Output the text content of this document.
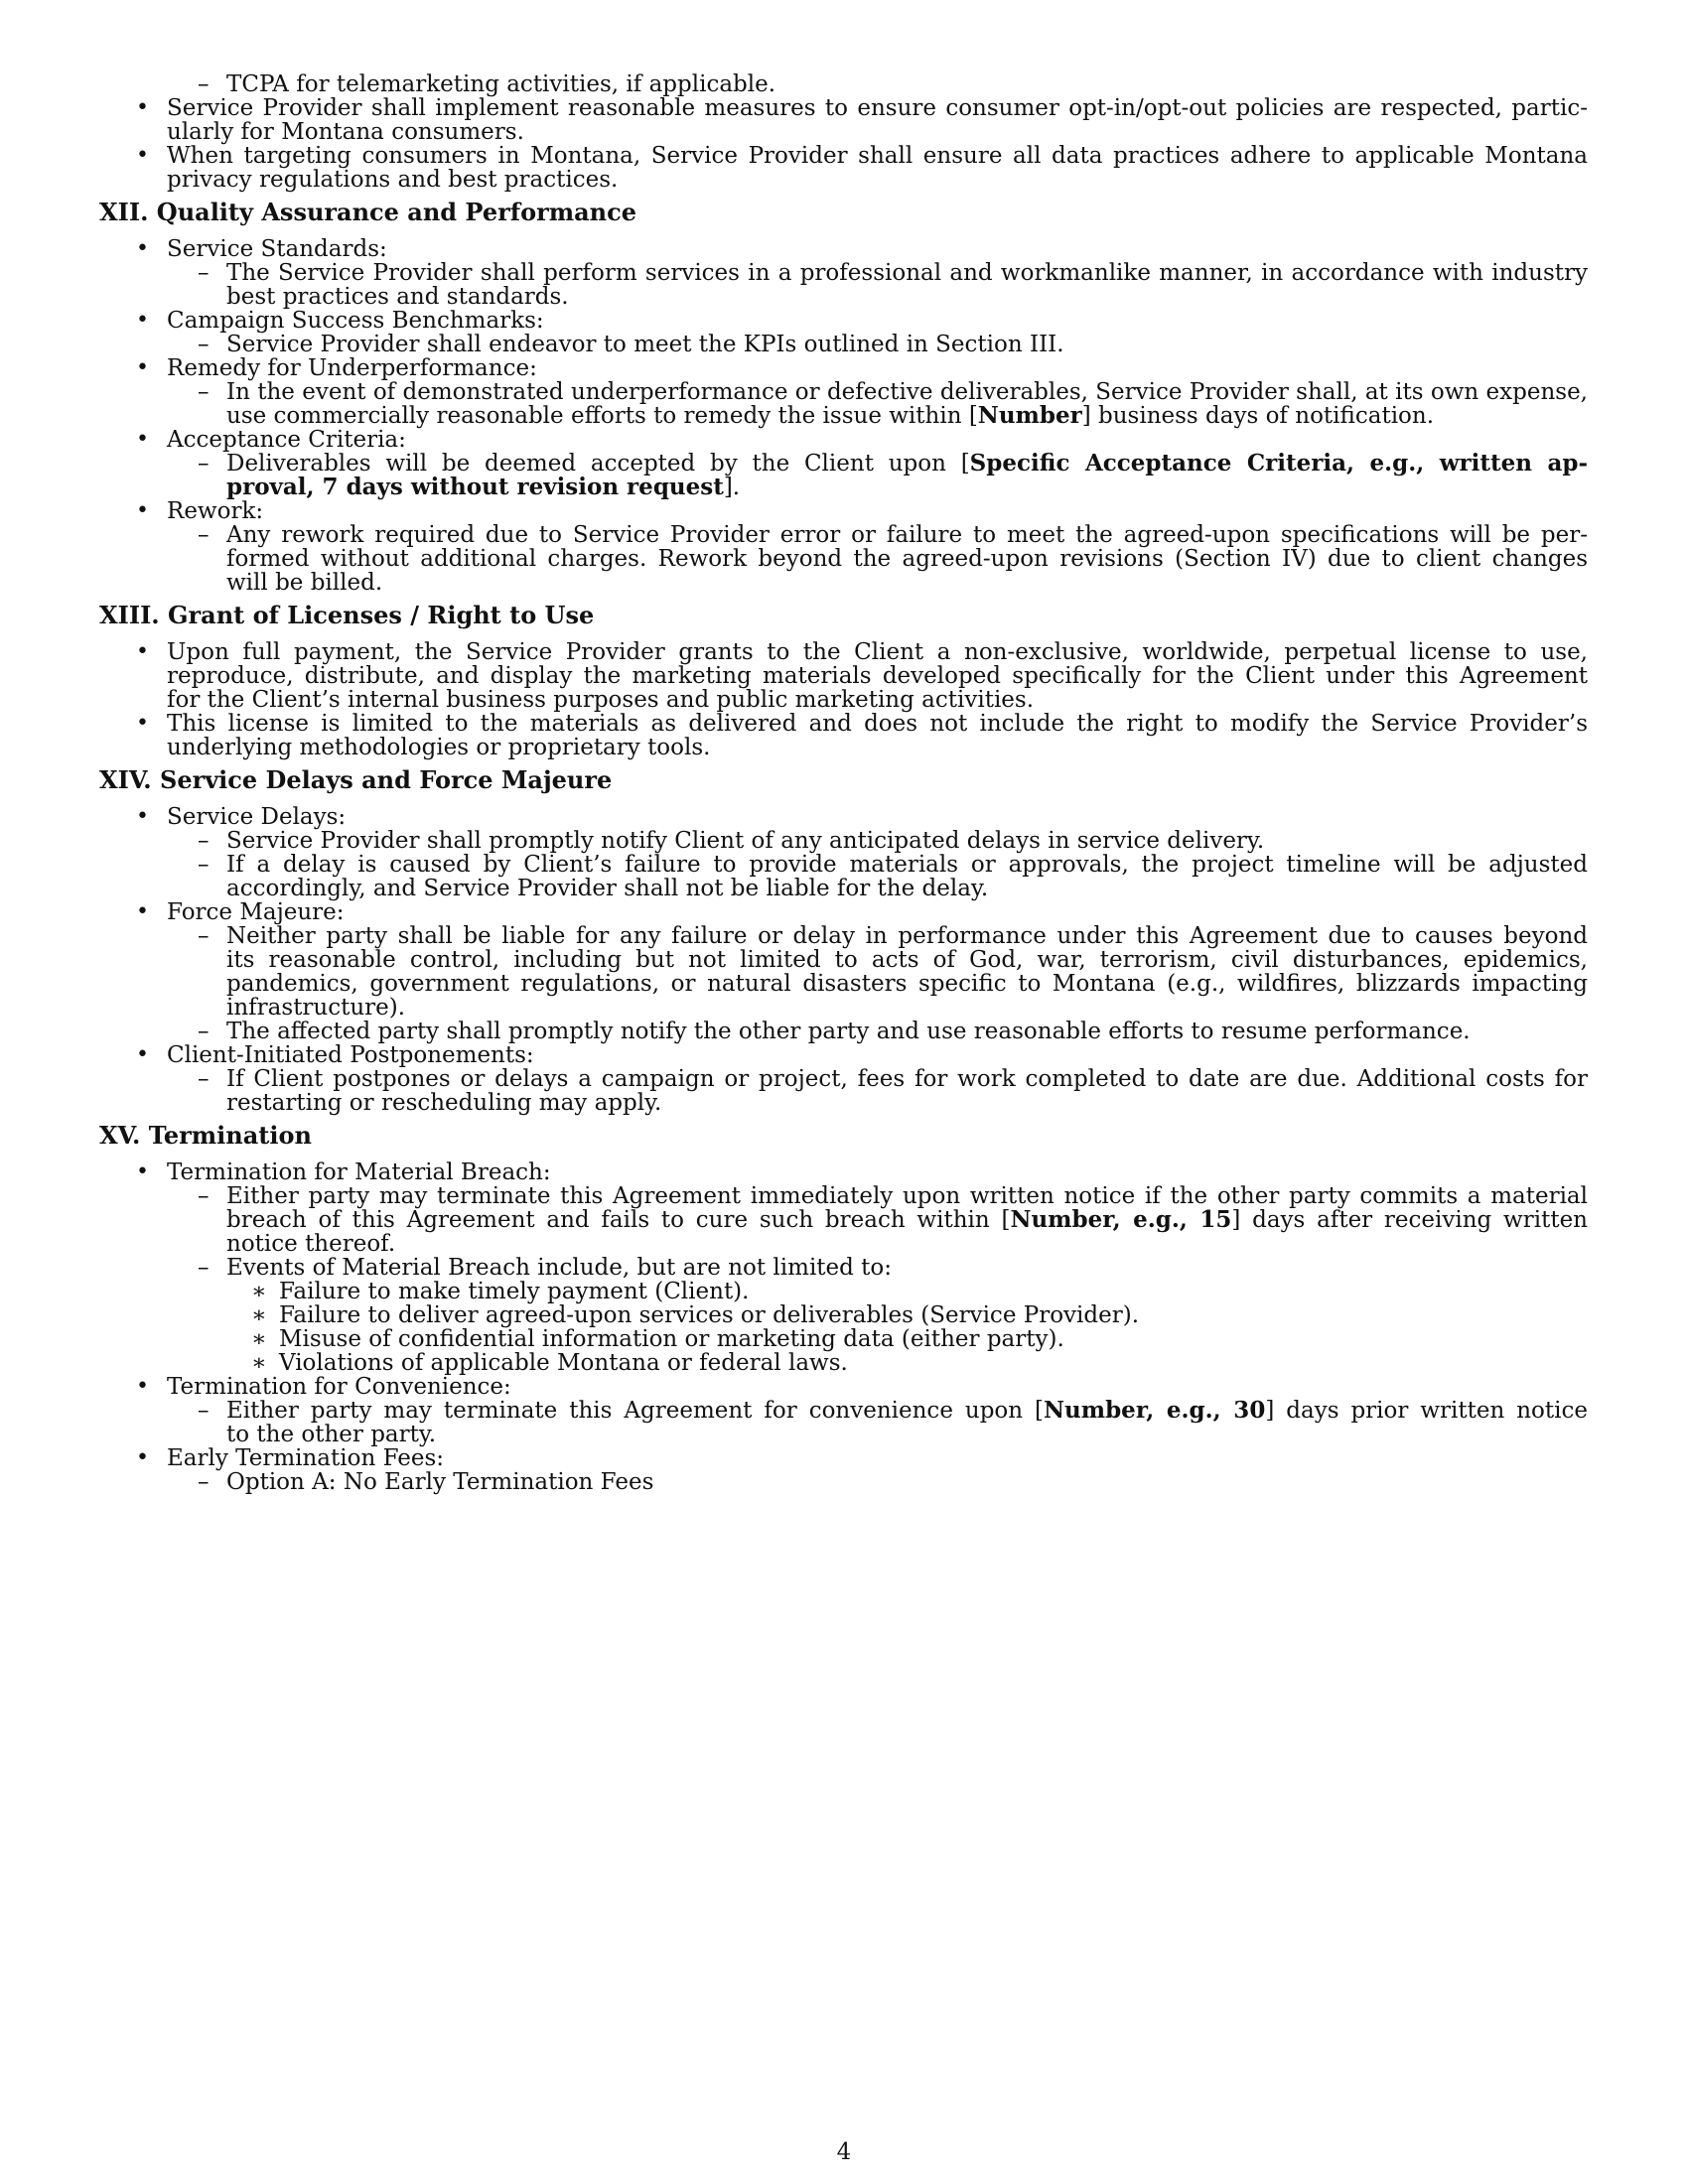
– TCPA for telemarketing activities, if applicable.
• Service Provider shall implement reasonable measures to ensure consumer opt-in/opt-out policies are respected, partic-
ularly for Montana consumers.
• When targeting consumers in Montana, Service Provider shall ensure all data practices adhere to applicable Montana
privacy regulations and best practices.
XII. Quality Assurance and Performance
• Service Standards:
– The Service Provider shall perform services in a professional and workmanlike manner, in accordance with industry
best practices and standards.
• Campaign Success Benchmarks:
– Service Provider shall endeavor to meet the KPIs outlined in Section III.
• Remedy for Underperformance:
– In the event of demonstrated underperformance or defective deliverables, Service Provider shall, at its own expense,
use commercially reasonable efforts to remedy the issue within [Number] business days of notification.
• Acceptance Criteria:
– Deliverables will be deemed accepted by the Client upon [Specific Acceptance Criteria, e.g., written ap-
proval, 7 days without revision request].
• Rework:
– Any rework required due to Service Provider error or failure to meet the agreed-upon specifications will be per-
formed without additional charges. Rework beyond the agreed-upon revisions (Section IV) due to client changes
will be billed.
XIII. Grant of Licenses / Right to Use
• Upon full payment, the Service Provider grants to the Client a non-exclusive, worldwide, perpetual license to use,
reproduce, distribute, and display the marketing materials developed specifically for the Client under this Agreement
for the Client’s internal business purposes and public marketing activities.
• This license is limited to the materials as delivered and does not include the right to modify the Service Provider’s
underlying methodologies or proprietary tools.
XIV. Service Delays and Force Majeure
• Service Delays:
– Service Provider shall promptly notify Client of any anticipated delays in service delivery.
– If a delay is caused by Client’s failure to provide materials or approvals, the project timeline will be adjusted
accordingly, and Service Provider shall not be liable for the delay.
• Force Majeure:
– Neither party shall be liable for any failure or delay in performance under this Agreement due to causes beyond
its reasonable control, including but not limited to acts of God, war, terrorism, civil disturbances, epidemics,
pandemics, government regulations, or natural disasters specific to Montana (e.g., wildfires, blizzards impacting
infrastructure).
– The affected party shall promptly notify the other party and use reasonable efforts to resume performance.
• Client-Initiated Postponements:
– If Client postpones or delays a campaign or project, fees for work completed to date are due. Additional costs for
restarting or rescheduling may apply.
XV. Termination
• Termination for Material Breach:
– Either party may terminate this Agreement immediately upon written notice if the other party commits a material
breach of this Agreement and fails to cure such breach within [Number, e.g., 15] days after receiving written
notice thereof.
– Events of Material Breach include, but are not limited to:
∗ Failure to make timely payment (Client).
∗ Failure to deliver agreed-upon services or deliverables (Service Provider).
∗ Misuse of confidential information or marketing data (either party).
∗ Violations of applicable Montana or federal laws.
• Termination for Convenience:
– Either party may terminate this Agreement for convenience upon [Number, e.g., 30] days prior written notice
to the other party.
• Early Termination Fees:
– Option A: No Early Termination Fees
4
